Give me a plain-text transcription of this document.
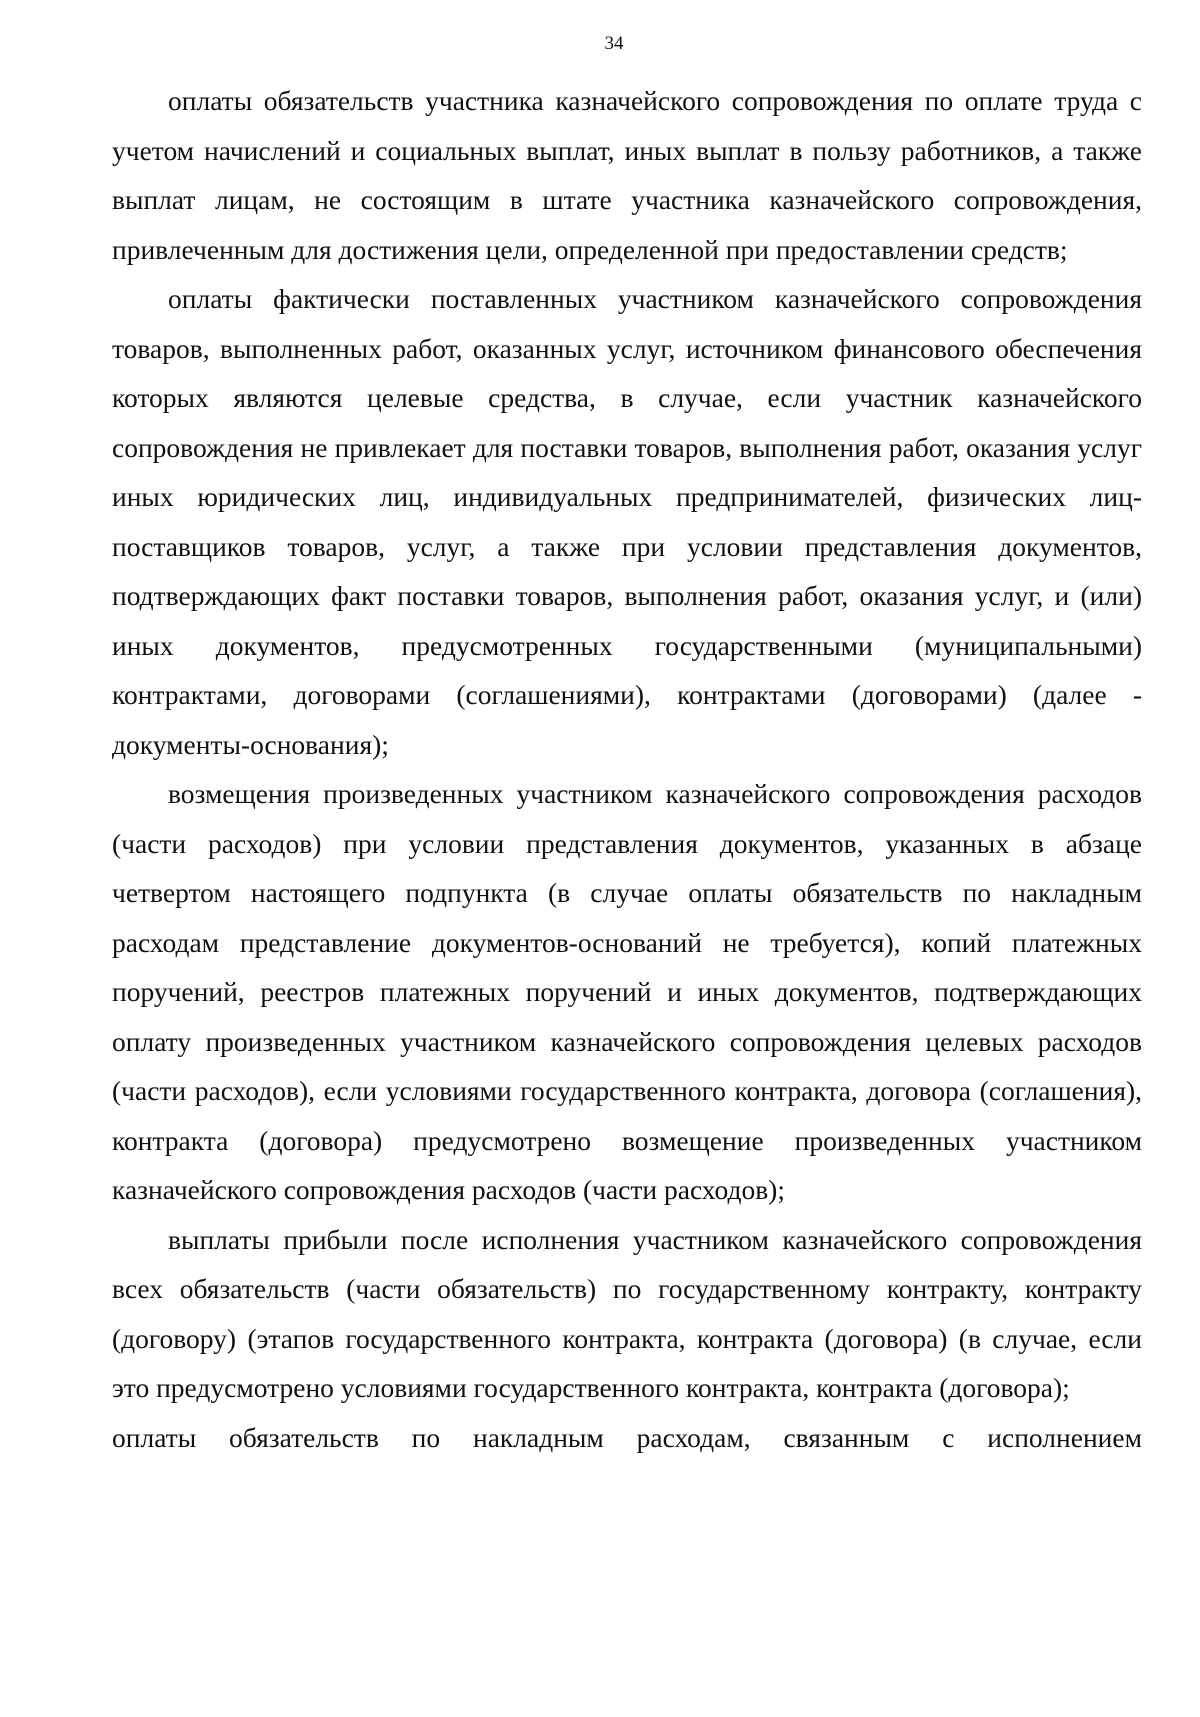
34

оплаты обязательств участника казначейского сопровождения по оплате труда с учетом начислений и социальных выплат, иных выплат в пользу работников, а также выплат лицам, не состоящим в штате участника казначейского сопровождения, привлеченным для достижения цели, определенной при предоставлении средств;

оплаты фактически поставленных участником казначейского сопровождения товаров, выполненных работ, оказанных услуг, источником финансового обеспечения которых являются целевые средства, в случае, если участник казначейского сопровождения не привлекает для поставки товаров, выполнения работ, оказания услуг иных юридических лиц, индивидуальных предпринимателей, физических лиц- поставщиков товаров, услуг, а также при условии представления документов, подтверждающих факт поставки товаров, выполнения работ, оказания услуг, и (или) иных документов, предусмотренных государственными (муниципальными) контрактами, договорами (соглашениями), контрактами (договорами) (далее - документы-основания);

возмещения произведенных участником казначейского сопровождения расходов (части расходов) при условии представления документов, указанных в абзаце четвертом настоящего подпункта (в случае оплаты обязательств по накладным расходам представление документов-оснований не требуется), копий платежных поручений, реестров платежных поручений и иных документов, подтверждающих оплату произведенных участником казначейского сопровождения целевых расходов (части расходов), если условиями государственного контракта, договора (соглашения), контракта (договора) предусмотрено возмещение произведенных участником казначейского сопровождения расходов (части расходов);

выплаты прибыли после исполнения участником казначейского сопровождения всех обязательств (части обязательств) по государственному контракту, контракту (договору) (этапов государственного контракта, контракта (договора) (в случае, если это предусмотрено условиями государственного контракта, контракта (договора);

оплаты обязательств по накладным расходам, связанным с исполнением
